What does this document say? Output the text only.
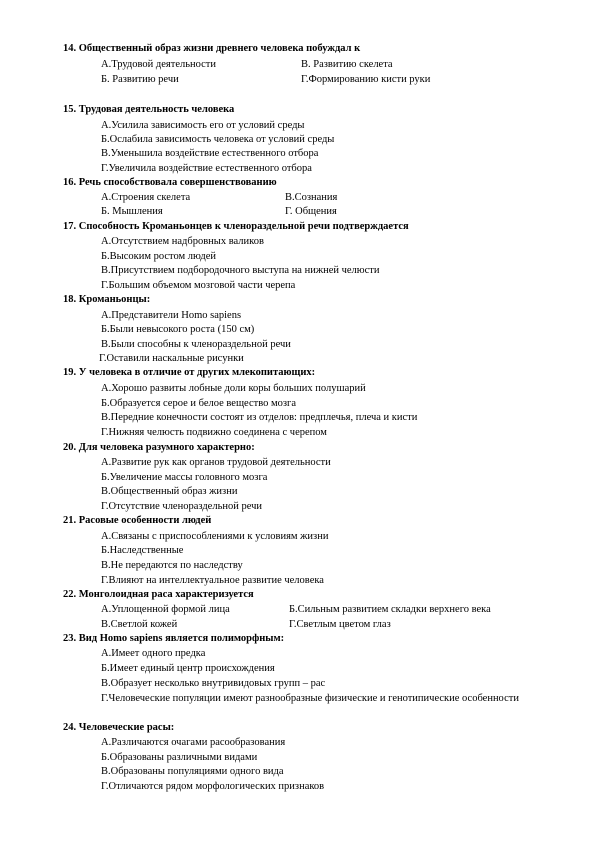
14. Общественный образ жизни древнего человека побуждал к
А.Трудовой деятельности	В. Развитию скелета
Б. Развитию речи	Г.Формированию кисти руки
15. Трудовая деятельность человека
А.Усилила зависимость его от условий среды
Б.Ослабила зависимость человека от условий среды
В.Уменьшила воздействие естественного отбора
Г.Увеличила воздействие естественного отбора
16. Речь способствовала совершенствованию
А.Строения скелета	В.Сознания
Б. Мышления	Г. Общения
17. Способность Кроманьонцев к членораздельной речи подтверждается
А.Отсутствием надбровных валиков
Б.Высоким ростом людей
В.Присутствием подбородочного выступа на нижней челюсти
Г.Большим объемом мозговой части черепа
18. Кроманьонцы:
А.Представители Homo sapiens
Б.Были невысокого роста (150 см)
В.Были способны к членораздельной речи
Г.Оставили наскальные рисунки
19. У человека в отличие от других млекопитающих:
А.Хорошо развиты лобные доли коры больших полушарий
Б.Образуется серое и белое вещество мозга
В.Передние конечности состоят из отделов: предплечья, плеча и кисти
Г.Нижняя челюсть подвижно соединена с черепом
20. Для человека разумного характерно:
А.Развитие рук как органов трудовой деятельности
Б.Увеличение массы головного мозга
В.Общественный образ жизни
Г.Отсутствие членораздельной речи
21. Расовые особенности людей
А.Связаны с приспособлениями к условиям жизни
Б.Наследственные
В.Не передаются по наследству
Г.Влияют на интеллектуальное развитие человека
22. Монголоидная раса характеризуется
А.Уплощенной формой лица	Б.Сильным развитием складки верхнего века
В.Светлой кожей	Г.Светлым цветом глаз
23. Вид Homo sapiens является полиморфным:
А.Имеет одного предка
Б.Имеет единый центр происхождения
В.Образует несколько внутривидовых групп – рас
Г.Человеческие популяции имеют разнообразные физические и генотипические особенности
24. Человеческие расы:
А.Различаются очагами расообразования
Б.Образованы различными видами
В.Образованы популяциями одного вида
Г.Отличаются рядом морфологических признаков
